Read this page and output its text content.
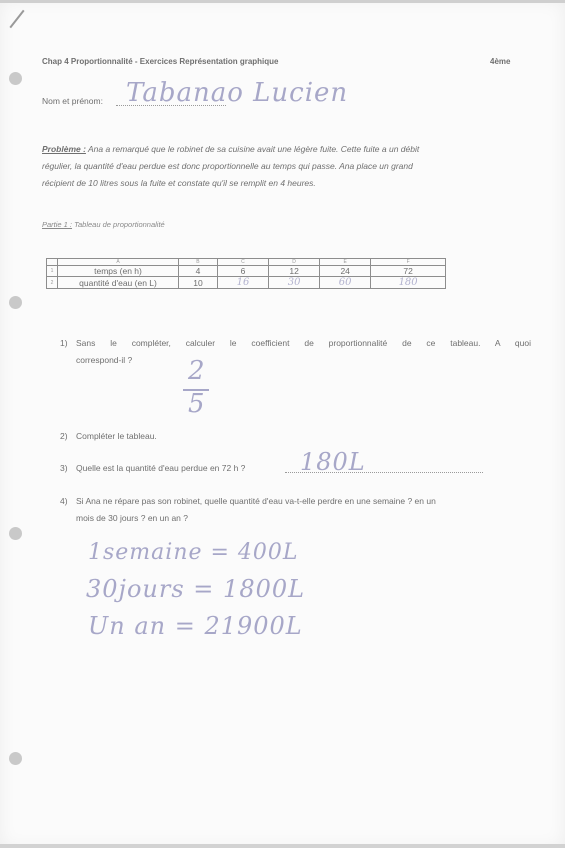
Chap 4 Proportionnalité - Exercices Représentation graphique	4ème
Nom et prénom: Tabanao Lucien
Problème : Ana a remarqué que le robinet de sa cuisine avait une légère fuite. Cette fuite a un débit
régulier, la quantité d'eau perdue est donc proportionnelle au temps qui passe. Ana place un grand
récipient de 10 litres sous la fuite et constate qu'il se remplit en 4 heures.
Partie 1 : Tableau de proportionnalité
	A	B	C	D	E	F
1	temps (en h)	4	6	12	24	72
2	quantité d'eau (en L)	10	16	30	60	180
1) Sans le compléter, calculer le coefficient de proportionnalité de ce tableau. A quoi
correspond-il ? 2
5
2) Compléter le tableau.
3) Quelle est la quantité d'eau perdue en 72 h ? 180L
4) Si Ana ne répare pas son robinet, quelle quantité d'eau va-t-elle perdre en une semaine ? en un
mois de 30 jours ? en un an ?
1semaine = 400L
30jours = 1800L
Un an = 21900L
